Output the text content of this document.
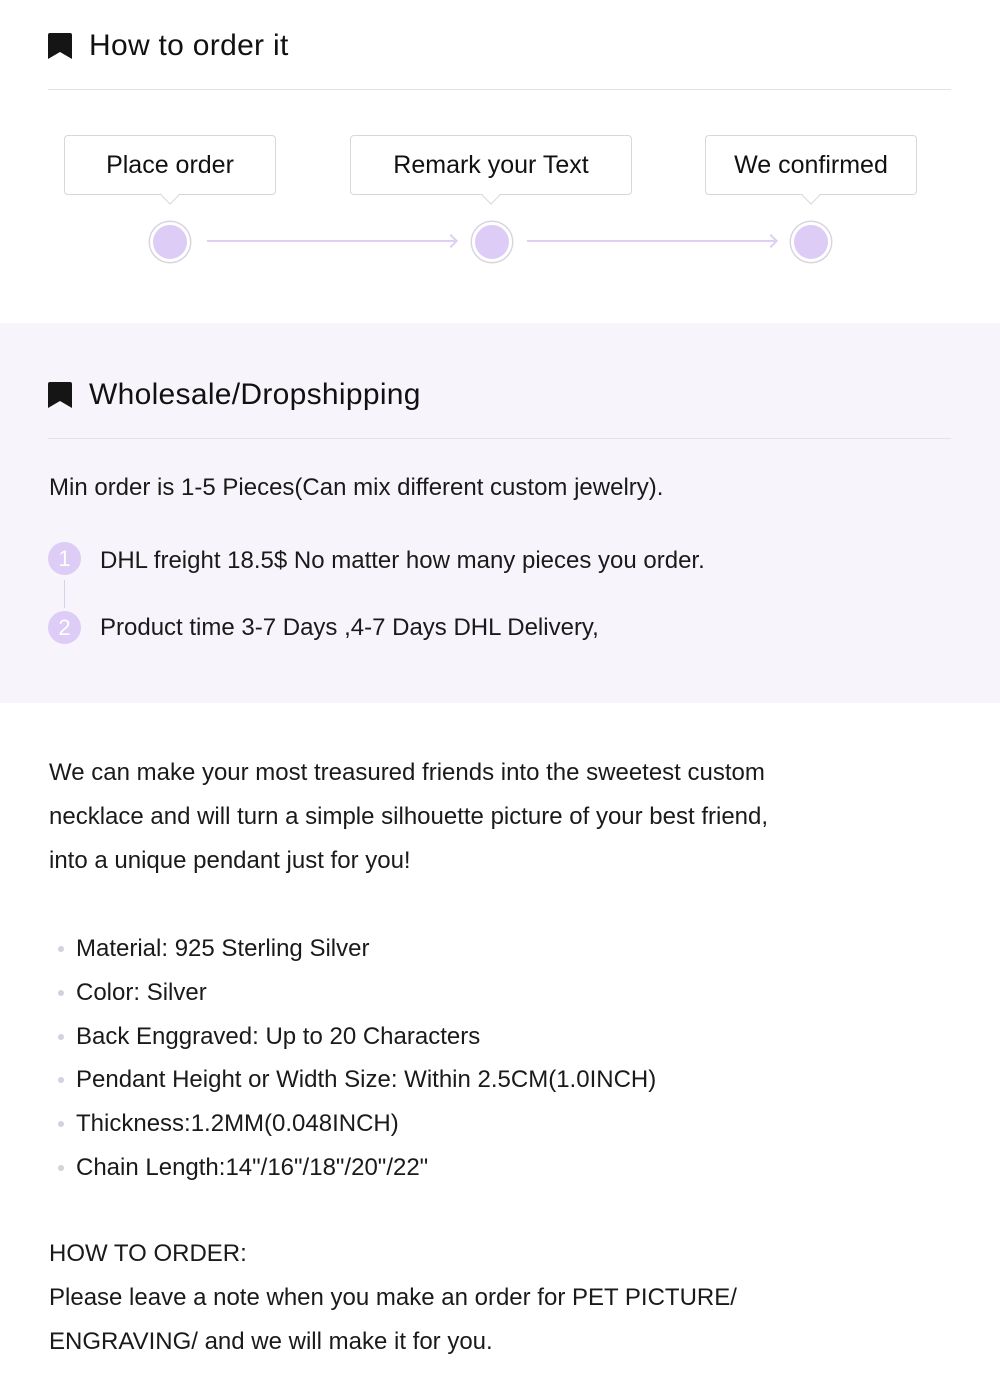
How to order it
Place order	Remark your Text	We confirmed
Wholesale/Dropshipping
Min order is 1-5 Pieces(Can mix different custom jewelry).
1
2
DHL freight 18.5$ No matter how many pieces you order.
Product time 3-7 Days ,4-7 Days DHL Delivery,
We can make your most treasured friends into the sweetest custom
necklace and will turn a simple silhouette picture of your best friend,
into a unique pendant just for you!
Material: 925 Sterling Silver
Color: Silver
Back Enggraved: Up to 20 Characters
Pendant Height or Width Size: Within 2.5CM(1.0INCH)
Thickness:1.2MM(0.048INCH)
Chain Length:14"/16"/18"/20"/22"
HOW TO ORDER:
Please leave a note when you make an order for PET PICTURE/
ENGRAVING/ and we will make it for you.
